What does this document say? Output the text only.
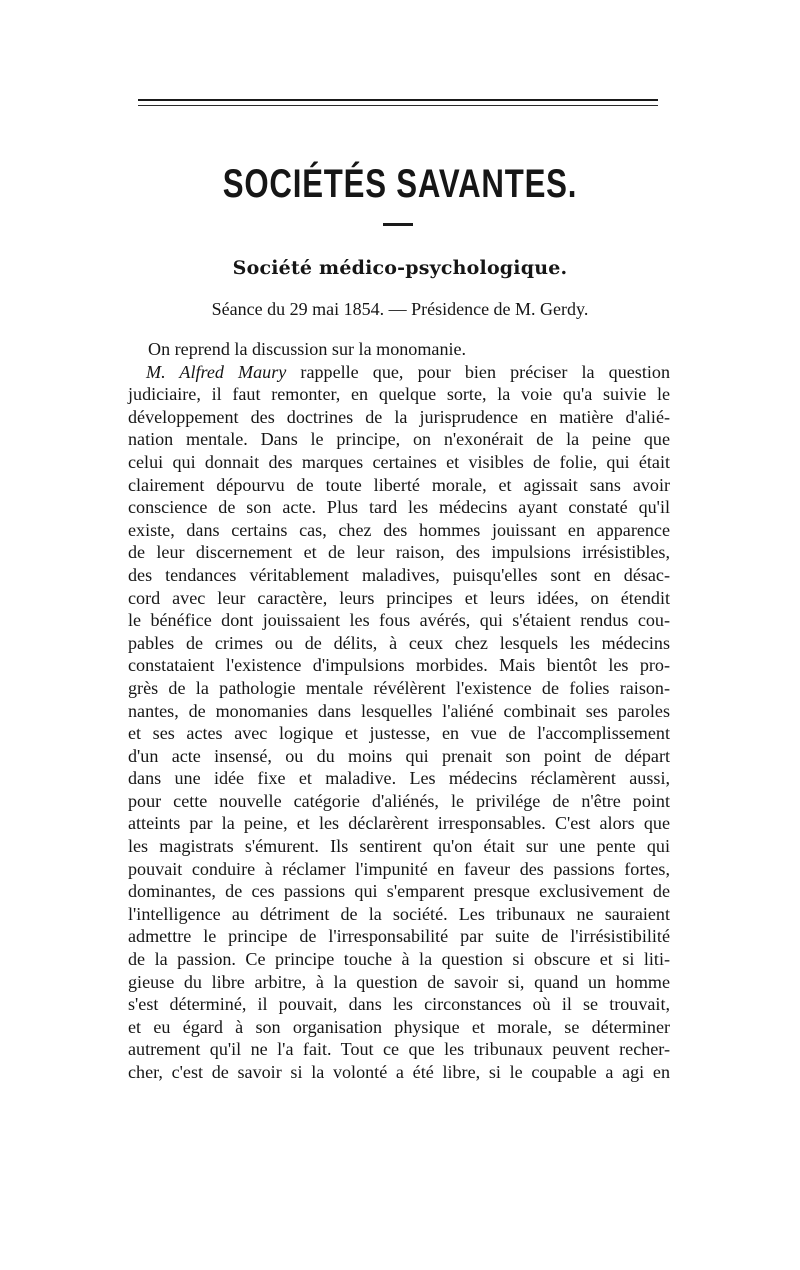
SOCIÉTÉS SAVANTES.
Société médico-psychologique.
Séance du 29 mai 1854. — Présidence de M. Gerdy.
On reprend la discussion sur la monomanie.
M. Alfred Maury rappelle que, pour bien préciser la question
judiciaire, il faut remonter, en quelque sorte, la voie qu'a suivie le
développement des doctrines de la jurisprudence en matière d'alié-
nation mentale. Dans le principe, on n'exonérait de la peine que
celui qui donnait des marques certaines et visibles de folie, qui était
clairement dépourvu de toute liberté morale, et agissait sans avoir
conscience de son acte. Plus tard les médecins ayant constaté qu'il
existe, dans certains cas, chez des hommes jouissant en apparence
de leur discernement et de leur raison, des impulsions irrésistibles,
des tendances véritablement maladives, puisqu'elles sont en désac-
cord avec leur caractère, leurs principes et leurs idées, on étendit
le bénéfice dont jouissaient les fous avérés, qui s'étaient rendus cou-
pables de crimes ou de délits, à ceux chez lesquels les médecins
constataient l'existence d'impulsions morbides. Mais bientôt les pro-
grès de la pathologie mentale révélèrent l'existence de folies raison-
nantes, de monomanies dans lesquelles l'aliéné combinait ses paroles
et ses actes avec logique et justesse, en vue de l'accomplissement
d'un acte insensé, ou du moins qui prenait son point de départ
dans une idée fixe et maladive. Les médecins réclamèrent aussi,
pour cette nouvelle catégorie d'aliénés, le privilége de n'être point
atteints par la peine, et les déclarèrent irresponsables. C'est alors que
les magistrats s'émurent. Ils sentirent qu'on était sur une pente qui
pouvait conduire à réclamer l'impunité en faveur des passions fortes,
dominantes, de ces passions qui s'emparent presque exclusivement de
l'intelligence au détriment de la société. Les tribunaux ne sauraient
admettre le principe de l'irresponsabilité par suite de l'irrésistibilité
de la passion. Ce principe touche à la question si obscure et si liti-
gieuse du libre arbitre, à la question de savoir si, quand un homme
s'est déterminé, il pouvait, dans les circonstances où il se trouvait,
et eu égard à son organisation physique et morale, se déterminer
autrement qu'il ne l'a fait. Tout ce que les tribunaux peuvent recher-
cher, c'est de savoir si la volonté a été libre, si le coupable a agi en
